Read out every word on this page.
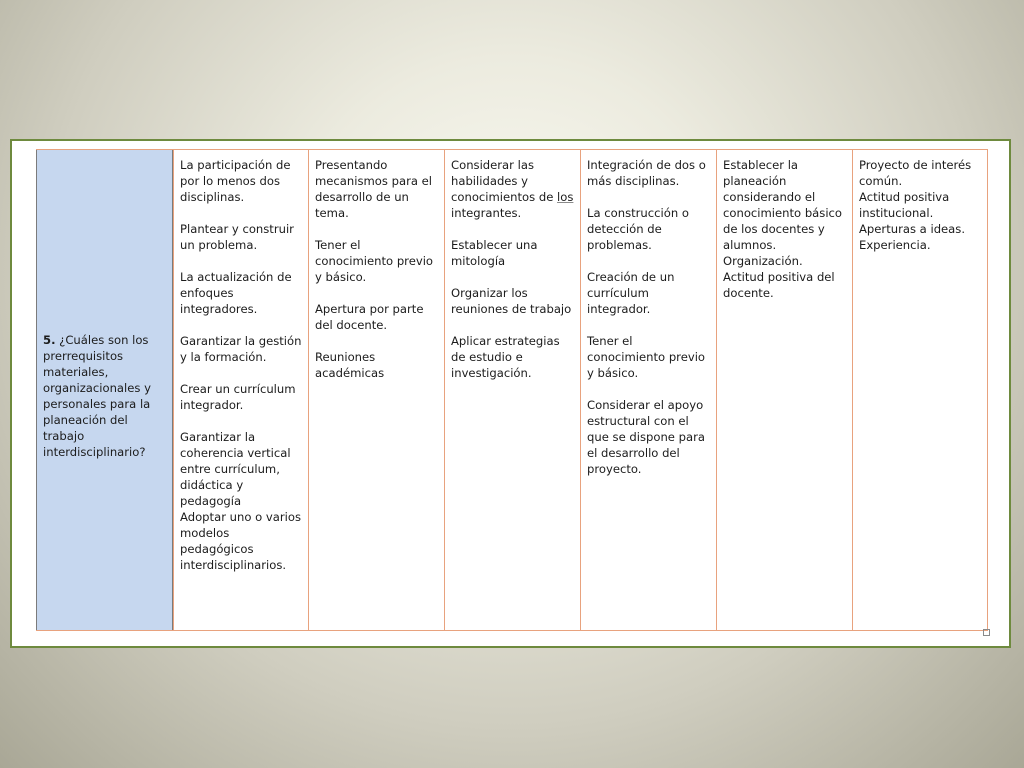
5. ¿Cuáles son los prerrequisitos materiales, organizacionales y personales para la planeación del trabajo interdisciplinario?

La participación de por lo menos dos disciplinas.

Plantear y construir un problema.

La actualización de enfoques integradores.

Garantizar la gestión y la formación.

Crear un currículum integrador.

Garantizar la coherencia vertical entre currículum, didáctica y pedagogía

Adoptar uno o varios modelos pedagógicos interdisciplinarios.

Presentando mecanismos para el desarrollo de un tema.

Tener el conocimiento previo y básico.

Apertura por parte del docente.

Reuniones académicas

Considerar las habilidades y conocimientos de los integrantes.

Establecer una mitología

Organizar los reuniones de trabajo

Aplicar estrategias de estudio e investigación.

Integración de dos o más disciplinas.

La construcción o detección de problemas.

Creación de un currículum integrador.

Tener el conocimiento previo y básico.

Considerar el apoyo estructural con el que se dispone para el desarrollo del proyecto.

Establecer la planeación considerando el conocimiento básico de los docentes y alumnos.

Organización.

Actitud positiva del docente.

Proyecto de interés común.

Actitud positiva institucional.

Aperturas a ideas.

Experiencia.
